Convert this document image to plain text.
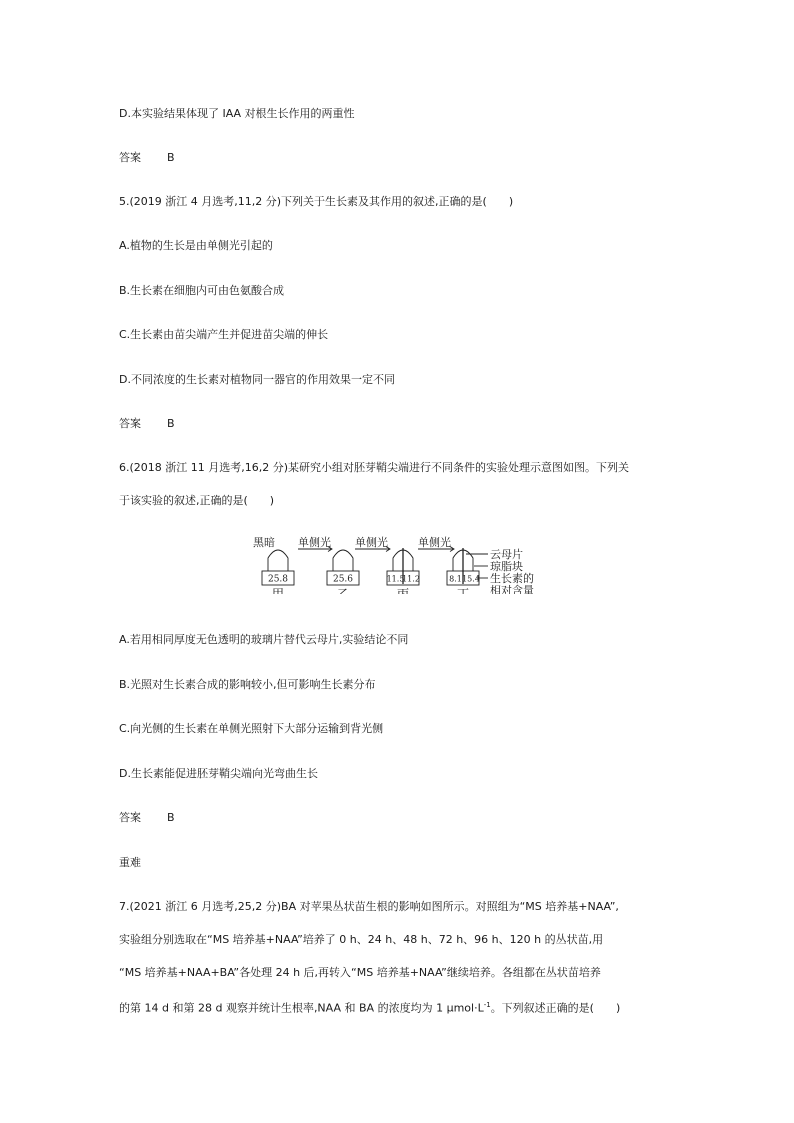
D.本实验结果体现了 IAA 对根生长作用的两重性
答案 B
5.(2019 浙江 4 月选考,11,2 分)下列关于生长素及其作用的叙述,正确的是(　　)
A.植物的生长是由单侧光引起的
B.生长素在细胞内可由色氨酸合成
C.生长素由苗尖端产生并促进苗尖端的伸长
D.不同浓度的生长素对植物同一器官的作用效果一定不同
答案 B
6.(2018 浙江 11 月选考,16,2 分)某研究小组对胚芽鞘尖端进行不同条件的实验处理示意图如图。下列关
于该实验的叙述,正确的是(　　)
黑暗 单侧光 单侧光	单侧光
25.8	25.6	11.5
11.2	8.1 15.4
甲	乙	丙	丁
云母片
琼脂块
生长素的
相对含量
A.若用相同厚度无色透明的玻璃片替代云母片,实验结论不同
B.光照对生长素合成的影响较小,但可影响生长素分布
C.向光侧的生长素在单侧光照射下大部分运输到背光侧
D.生长素能促进胚芽鞘尖端向光弯曲生长
答案 B
重难
7.(2021 浙江 6 月选考,25,2 分)BA 对苹果丛状苗生根的影响如图所示。对照组为“MS 培养基+NAA”,
实验组分别选取在“MS 培养基+NAA”培养了 0 h、24 h、48 h、72 h、96 h、120 h 的丛状苗,用
“MS 培养基+NAA+BA”各处理 24 h 后,再转入“MS 培养基+NAA”继续培养。各组都在丛状苗培养
的第 14 d 和第 28 d 观察并统计生根率,NAA 和 BA 的浓度均为 1 $\mu mol\cdot L^{-1}$。下列叙述正确的是(　　)
